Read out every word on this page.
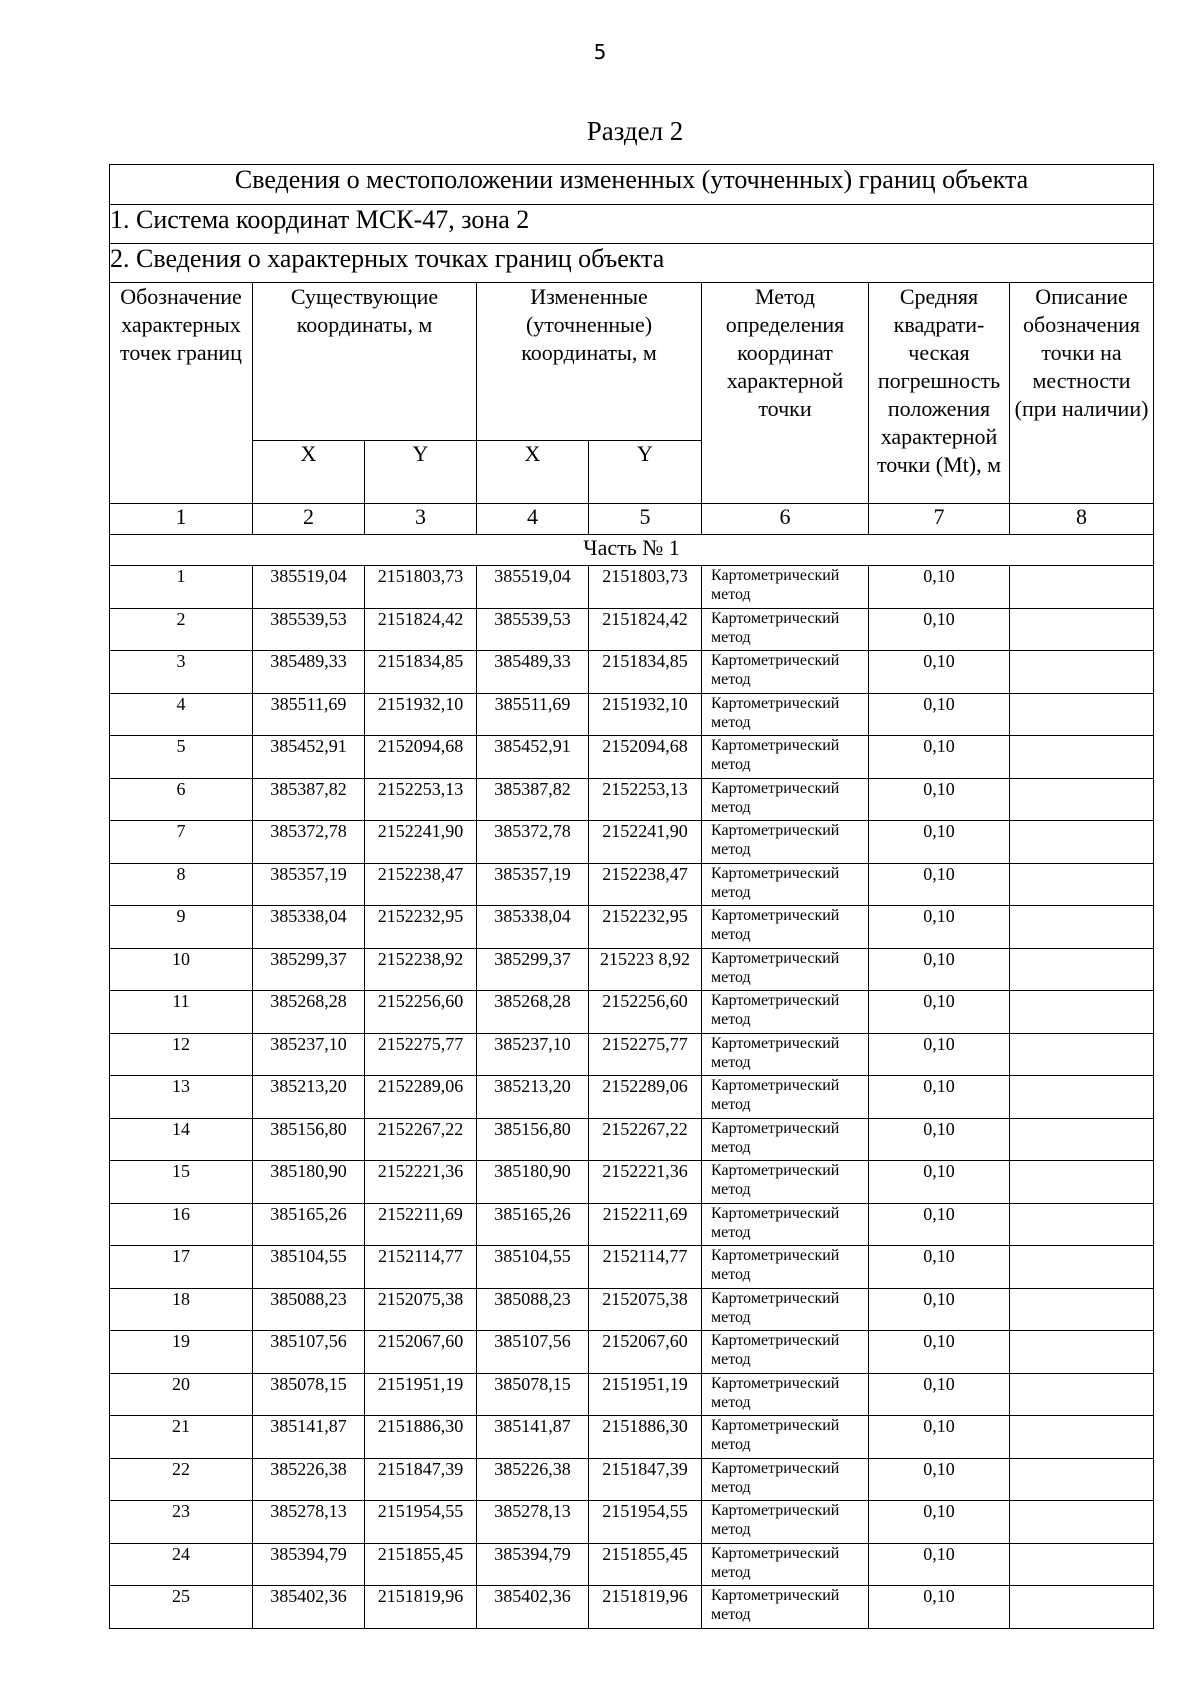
5
Раздел 2
Сведения о местоположении измененных (уточненных) границ объекта							
1. Система координат МСК-47, зона 2							
2. Сведения о характерных точках границ объекта							
Обозначение характерных точек границ	Существующие координаты, м		Измененные (уточненные) координаты, м		Метод определения координат характерной точки	Средняя квадрати-ческая погрешность положения характерной точки (Mt), м	Описание обозначения точки на местности (при наличии)
	X	Y	X	Y			
1	2	3	4	5	6	7	8
Часть № 1							
1	385519,04	2151803,73	385519,04	2151803,73	Картометрический метод	0,10	
2	385539,53	2151824,42	385539,53	2151824,42	Картометрический метод	0,10	
3	385489,33	2151834,85	385489,33	2151834,85	Картометрический метод	0,10	
4	385511,69	2151932,10	385511,69	2151932,10	Картометрический метод	0,10	
5	385452,91	2152094,68	385452,91	2152094,68	Картометрический метод	0,10	
6	385387,82	2152253,13	385387,82	2152253,13	Картометрический метод	0,10	
7	385372,78	2152241,90	385372,78	2152241,90	Картометрический метод	0,10	
8	385357,19	2152238,47	385357,19	2152238,47	Картометрический метод	0,10	
9	385338,04	2152232,95	385338,04	2152232,95	Картометрический метод	0,10	
10	385299,37	2152238,92	385299,37	215223 8,92	Картометрический метод	0,10	
11	385268,28	2152256,60	385268,28	2152256,60	Картометрический метод	0,10	
12	385237,10	2152275,77	385237,10	2152275,77	Картометрический метод	0,10	
13	385213,20	2152289,06	385213,20	2152289,06	Картометрический метод	0,10	
14	385156,80	2152267,22	385156,80	2152267,22	Картометрический метод	0,10	
15	385180,90	2152221,36	385180,90	2152221,36	Картометрический метод	0,10	
16	385165,26	2152211,69	385165,26	2152211,69	Картометрический метод	0,10	
17	385104,55	2152114,77	385104,55	2152114,77	Картометрический метод	0,10	
18	385088,23	2152075,38	385088,23	2152075,38	Картометрический метод	0,10	
19	385107,56	2152067,60	385107,56	2152067,60	Картометрический метод	0,10	
20	385078,15	2151951,19	385078,15	2151951,19	Картометрический метод	0,10	
21	385141,87	2151886,30	385141,87	2151886,30	Картометрический метод	0,10	
22	385226,38	2151847,39	385226,38	2151847,39	Картометрический метод	0,10	
23	385278,13	2151954,55	385278,13	2151954,55	Картометрический метод	0,10	
24	385394,79	2151855,45	385394,79	2151855,45	Картометрический метод	0,10	
25	385402,36	2151819,96	385402,36	2151819,96	Картометрический метод	0,10	
